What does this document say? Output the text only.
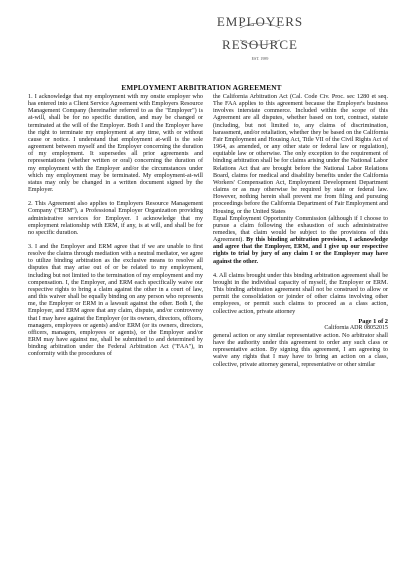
EMPLOYERS
RESOURCE
EST. 1989
EMPLOYMENT ARBITRATION AGREEMENT

1. I acknowledge that my employment with my onsite employer who has entered into a Client Service Agreement with Employers Resource Management Company (hereinafter referred to as the "Employer") is at-will, shall be for no specific duration, and may be changed or terminated at the will of the Employer. Both I and the Employer have the right to terminate my employment at any time, with or without cause or notice. I understand that employment at-will is the sole agreement between myself and the Employer concerning the duration of my employment. It supersedes all prior agreements and representations (whether written or oral) concerning the duration of my employment with the Employer and/or the circumstances under which my employment may be terminated. My employment-at-will status may only be changed in a written document signed by the Employer.

2. This Agreement also applies to Employers Resource Management Company ("ERM"), a Professional Employer Organization providing administrative services for Employer. I acknowledge that my employment relationship with ERM, if any, is at will, and shall be for no specific duration.

3. I and the Employer and ERM agree that if we are unable to first resolve the claims through mediation with a neutral mediator, we agree to utilize binding arbitration as the exclusive means to resolve all disputes that may arise out of or be related to my employment, including but not limited to the termination of my employment and my compensation. I, the Employer, and ERM each specifically waive our respective rights to bring a claim against the other in a court of law, and this waiver shall be equally binding on any person who represents me, the Employer or ERM in a lawsuit against the other. Both I, the Employer, and ERM agree that any claim, dispute, and/or controversy that I may have against the Employer (or its owners, directors, officers, managers, employees or agents) and/or ERM (or its owners, directors, officers, managers, employees or agents), or the Employer and/or ERM may have against me, shall be submitted to and determined by binding arbitration under the Federal Arbitration Act ("FAA"), in conformity with the procedures of

the California Arbitration Act (Cal. Code Civ. Proc. sec 1280 et seq. The FAA applies to this agreement because the Employer's business involves interstate commerce. Included within the scope of this Agreement are all disputes, whether based on tort, contract, statute (including, but not limited to, any claims of discrimination, harassment, and/or retaliation, whether they be based on the California Fair Employment and Housing Act, Title VII of the Civil Rights Act of 1964, as amended, or any other state or federal law or regulation), equitable law or otherwise. The only exception to the requirement of binding arbitration shall be for claims arising under the National Labor Relations Act that are brought before the National Labor Relations Board, claims for medical and disability benefits under the California Workers' Compensation Act, Employment Development Department claims or as may otherwise be required by state or federal law. However, nothing herein shall prevent me from filing and pursuing proceedings before the California Department of Fair Employment and Housing, or the United States

Equal Employment Opportunity Commission (although if I choose to pursue a claim following the exhaustion of such administrative remedies, that claim would be subject to the provisions of this Agreement). By this binding arbitration provision, I acknowledge and agree that the Employer, ERM, and I give up our respective rights to trial by jury of any claim I or the Employer may have against the other.

4. All claims brought under this binding arbitration agreement shall be brought in the individual capacity of myself, the Employer or ERM. This binding arbitration agreement shall not be construed to allow or permit the consolidation or joinder of other claims involving other employees, or permit such claims to proceed as a class action, collective action, private attorney

Page 1 of 2
California ADR 08052015

general action or any similar representative action. No arbitrator shall have the authority under this agreement to order any such class or representative action. By signing this agreement, I am agreeing to waive any rights that I may have to bring an action on a class, collective, private attorney general, representative or other similar
